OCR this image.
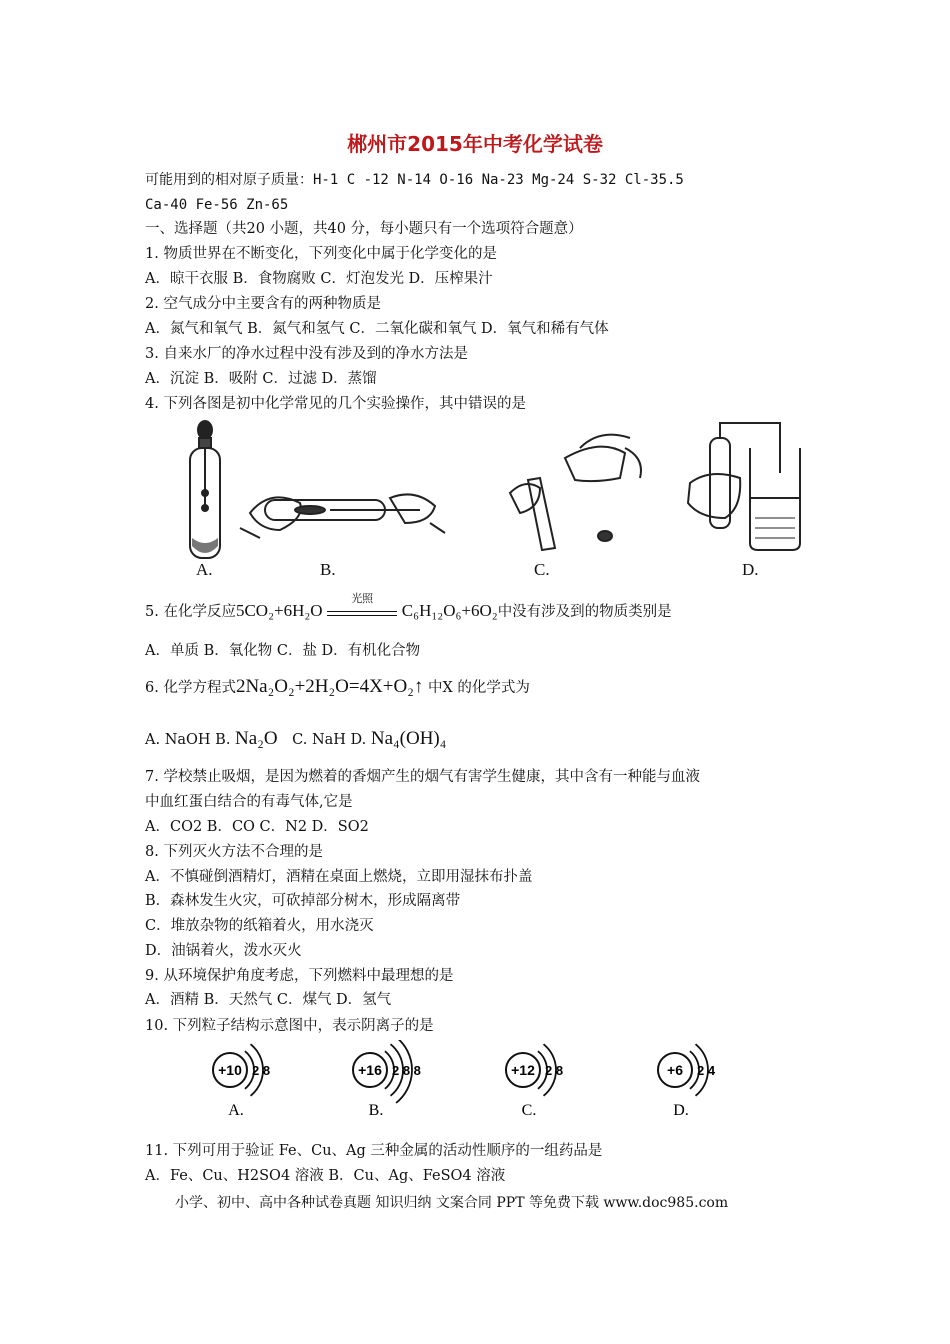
郴州市2015年中考化学试卷
可能用到的相对原子质量：H-1 C -12 N-14 O-16 Na-23 Mg-24 S-32 Cl-35.5
Ca-40 Fe-56 Zn-65
一、选择题（共20 小题，共40 分，每小题只有一个选项符合题意）
1. 物质世界在不断变化，下列变化中属于化学变化的是
A．晾干衣服 B．食物腐败 C．灯泡发光 D．压榨果汁
2. 空气成分中主要含有的两种物质是
A．氮气和氧气 B．氮气和氢气 C．二氧化碳和氧气 D．氧气和稀有气体
3. 自来水厂的净水过程中没有涉及到的净水方法是
A．沉淀 B．吸附 C．过滤 D．蒸馏
4. 下列各图是初中化学常见的几个实验操作，其中错误的是
A.	B.	C.	D.
5. 在化学反应5CO₂+6H₂O
光照
C₆H₁₂O₆+6O₂中没有涉及到的物质类别是
A．单质 B．氧化物 C．盐 D．有机化合物
6. 化学方程式2Na₂O₂+2H₂O=4X+O₂↑ 中X 的化学式为
A. NaOH B. Na₂O C. NaH D. Na₄(OH)₄
7. 学校禁止吸烟，是因为燃着的香烟产生的烟气有害学生健康，其中含有一种能与血液
中血红蛋白结合的有毒气体,它是
A．CO2 B．CO C．N2 D．SO2
8. 下列灭火方法不合理的是
A．不慎碰倒酒精灯，酒精在桌面上燃烧，立即用湿抹布扑盖
B．森林发生火灾，可砍掉部分树木，形成隔离带
C．堆放杂物的纸箱着火，用水浇灭
D．油锅着火，泼水灭火
9. 从环境保护角度考虑，下列燃料中最理想的是
A．酒精 B．天然气 C．煤气 D．氢气
10. 下列粒子结构示意图中，表示阴离子的是
+10 2 8
A.
+16 2 8 8
B.
+12 2 8
C.
+6 2 4
D.
11. 下列可用于验证 Fe、Cu、Ag 三种金属的活动性顺序的一组药品是
A．Fe、Cu、H2SO4 溶液 B．Cu、Ag、FeSO4 溶液
小学、初中、高中各种试卷真题 知识归纳 文案合同 PPT 等免费下载 www.doc985.com
